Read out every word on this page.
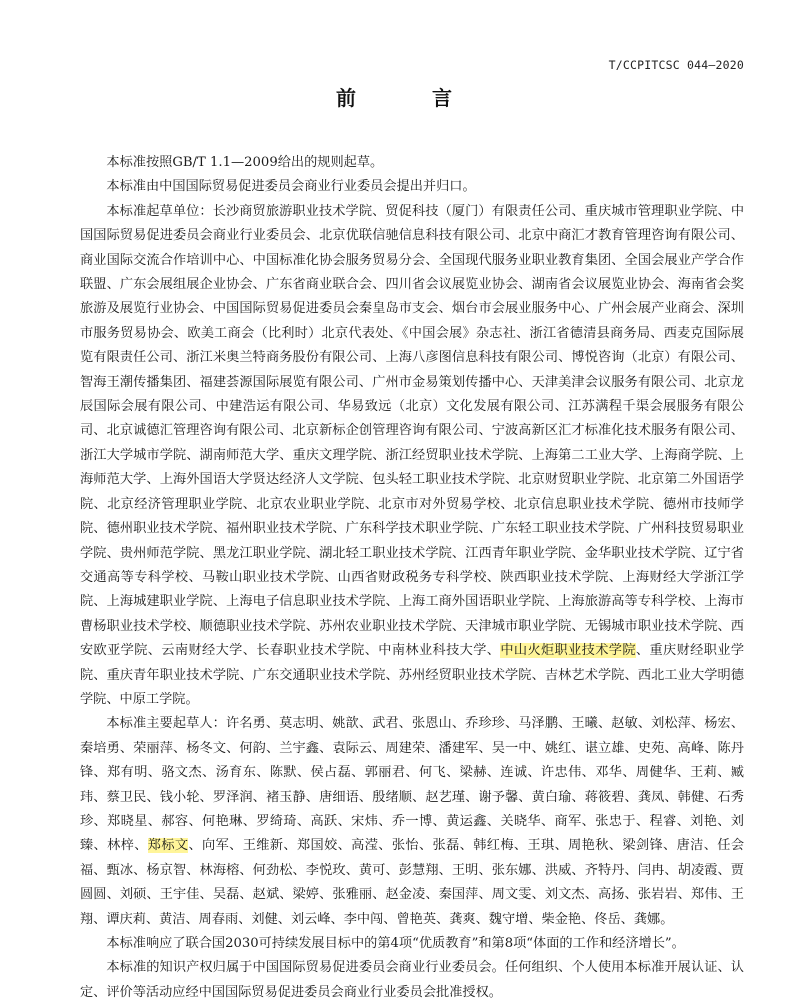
T/CCPITCSC 044—2020
前　言

本标准按照GB/T 1.1—2009给出的规则起草。

本标准由中国国际贸易促进委员会商业行业委员会提出并归口。

本标准起草单位：长沙商贸旅游职业技术学院、贸促科技（厦门）有限责任公司、重庆城市管理职业学院、中国国际贸易促进委员会商业行业委员会、北京优联信驰信息科技有限公司、北京中商汇才教育管理咨询有限公司、商业国际交流合作培训中心、中国标准化协会服务贸易分会、全国现代服务业职业教育集团、全国会展业产学合作联盟、广东会展组展企业协会、广东省商业联合会、四川省会议展览业协会、湖南省会议展览业协会、海南省会奖旅游及展览行业协会、中国国际贸易促进委员会秦皇岛市支会、烟台市会展业服务中心、广州会展产业商会、深圳市服务贸易协会、欧美工商会（比利时）北京代表处、《中国会展》杂志社、浙江省德清县商务局、西麦克国际展览有限责任公司、浙江米奥兰特商务股份有限公司、上海八彦图信息科技有限公司、博悦咨询（北京）有限公司、智海王潮传播集团、福建荟源国际展览有限公司、广州市金易策划传播中心、天津美津会议服务有限公司、北京龙辰国际会展有限公司、中建浩运有限公司、华易致远（北京）文化发展有限公司、江苏满程千渠会展服务有限公司、北京诚德汇管理咨询有限公司、北京新标企创管理咨询有限公司、宁波高新区汇才标准化技术服务有限公司、浙江大学城市学院、湖南师范大学、重庆文理学院、浙江经贸职业技术学院、上海第二工业大学、上海商学院、上海师范大学、上海外国语大学贤达经济人文学院、包头轻工职业技术学院、北京财贸职业学院、北京第二外国语学院、北京经济管理职业学院、北京农业职业学院、北京市对外贸易学校、北京信息职业技术学院、德州市技师学院、德州职业技术学院、福州职业技术学院、广东科学技术职业学院、广东轻工职业技术学院、广州科技贸易职业学院、贵州师范学院、黑龙江职业学院、湖北轻工职业技术学院、江西青年职业学院、金华职业技术学院、辽宁省交通高等专科学校、马鞍山职业技术学院、山西省财政税务专科学校、陕西职业技术学院、上海财经大学浙江学院、上海城建职业学院、上海电子信息职业技术学院、上海工商外国语职业学院、上海旅游高等专科学校、上海市曹杨职业技术学校、顺德职业技术学院、苏州农业职业技术学院、天津城市职业学院、无锡城市职业技术学院、西安欧亚学院、云南财经大学、长春职业技术学院、中南林业科技大学、中山火炬职业技术学院、重庆财经职业学院、重庆青年职业技术学院、广东交通职业技术学院、苏州经贸职业技术学院、吉林艺术学院、西北工业大学明德学院、中原工学院。

本标准主要起草人：许名勇、莫志明、姚歆、武君、张恩山、乔珍珍、马泽鹏、王曦、赵敏、刘松萍、杨宏、秦培勇、荣丽萍、杨冬文、何韵、兰宇鑫、袁际云、周建荣、潘建军、吴一中、姚红、谌立雄、史苑、高峰、陈丹锋、郑有明、骆文杰、汤育东、陈默、侯占磊、郭丽君、何飞、梁赫、连诚、许忠伟、邓华、周健华、王莉、臧玮、蔡卫民、钱小轮、罗泽润、褚玉静、唐细语、殷绪顺、赵艺瑾、谢予馨、黄白瑜、蒋筱碧、龚凤、韩健、石秀珍、郑晓星、郝容、何艳琳、罗绮琦、高跃、宋炜、乔一博、黄运鑫、关晓华、商军、张忠于、程睿、刘艳、刘臻、林梓、郑标文、向军、王维新、郑国姣、高滢、张怡、张磊、韩红梅、王琪、周艳秋、梁剑锋、唐洁、任会福、甄冰、杨京智、林海榕、何劲松、李悦玫、黄可、彭慧翔、王明、张东娜、洪威、齐特丹、闫冉、胡凌霞、贾圆圆、刘硕、王宇佳、吴磊、赵斌、梁婷、张雅丽、赵金凌、秦国萍、周文雯、刘文杰、高扬、张岩岩、郑伟、王翔、谭庆莉、黄洁、周春雨、刘健、刘云峰、李中闯、曾艳英、龚爽、魏守增、柴金艳、佟岳、龚娜。

本标准响应了联合国2030可持续发展目标中的第4项“优质教育”和第8项“体面的工作和经济增长”。

本标准的知识产权归属于中国国际贸易促进委员会商业行业委员会。任何组织、个人使用本标准开展认证、认定、评价等活动应经中国国际贸易促进委员会商业行业委员会批准授权。
